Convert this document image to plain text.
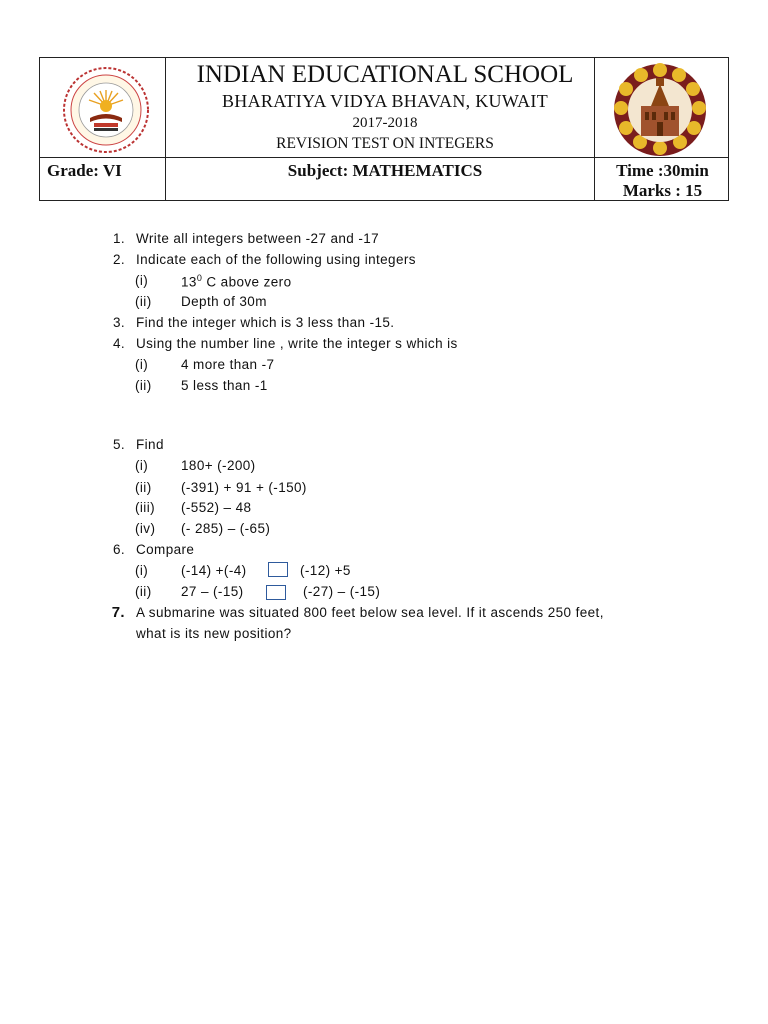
INDIAN EDUCATIONAL SCHOOL
BHARATIYA VIDYA BHAVAN, KUWAIT
2017-2018
REVISION TEST ON INTEGERS
Grade: VI	Subject: MATHEMATICS	Time :30min
Marks : 15
1. Write all integers between -27 and -17
2. Indicate each of the following using integers
(i) $13^0$ C above zero
(ii) Depth of 30m
3. Find the integer which is 3 less than -15.
4. Using the number line , write the integer s which is
(i) 4 more than -7
(ii) 5 less than -1
5. Find
(i) 180+ (-200)
(ii) (-391) + 91 + (-150)
(iii) (-552) – 48
(iv) (- 285) – (-65)
6. Compare
(i) (-14) +(-4)	(-12) +5
(ii) 27 – (-15)	(-27) – (-15)
7. A submarine was situated 800 feet below sea level. If it ascends 250 feet,
what is its new position?
